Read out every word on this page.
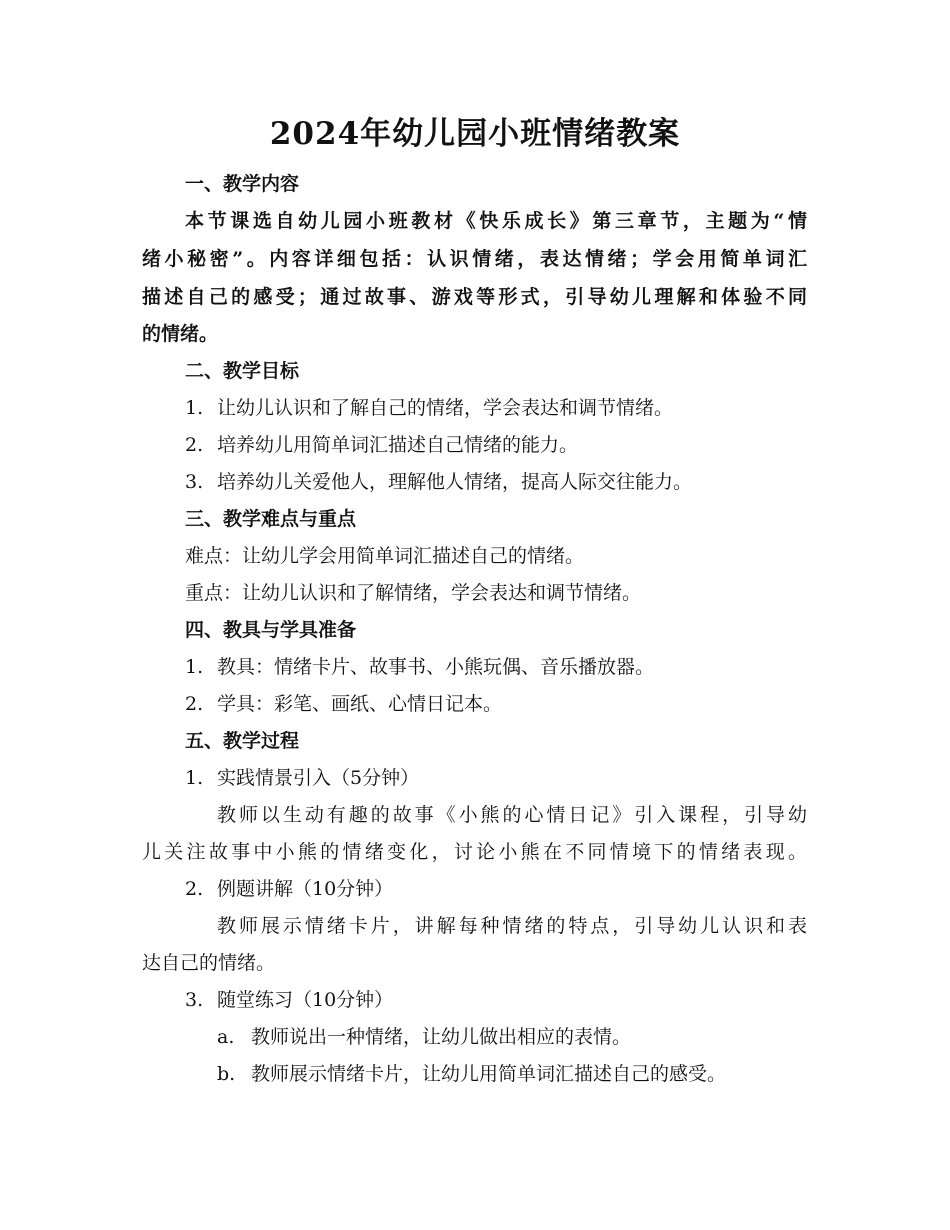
2024年幼儿园小班情绪教案
一、教学内容
本节课选自幼儿园小班教材《快乐成长》第三章节，主题为“情
绪小秘密”。内容详细包括：认识情绪，表达情绪；学会用简单词汇
描述自己的感受；通过故事、游戏等形式，引导幼儿理解和体验不同
的情绪。
二、教学目标
1. 让幼儿认识和了解自己的情绪，学会表达和调节情绪。
2. 培养幼儿用简单词汇描述自己情绪的能力。
3. 培养幼儿关爱他人，理解他人情绪，提高人际交往能力。
三、教学难点与重点
难点：让幼儿学会用简单词汇描述自己的情绪。
重点：让幼儿认识和了解情绪，学会表达和调节情绪。
四、教具与学具准备
1. 教具：情绪卡片、故事书、小熊玩偶、音乐播放器。
2. 学具：彩笔、画纸、心情日记本。
五、教学过程
1. 实践情景引入（5分钟）
教师以生动有趣的故事《小熊的心情日记》引入课程，引导幼
儿关注故事中小熊的情绪变化，讨论小熊在不同情境下的情绪表现。
2. 例题讲解（10分钟）
教师展示情绪卡片，讲解每种情绪的特点，引导幼儿认识和表
达自己的情绪。
3. 随堂练习（10分钟）
a. 教师说出一种情绪，让幼儿做出相应的表情。
b. 教师展示情绪卡片，让幼儿用简单词汇描述自己的感受。
